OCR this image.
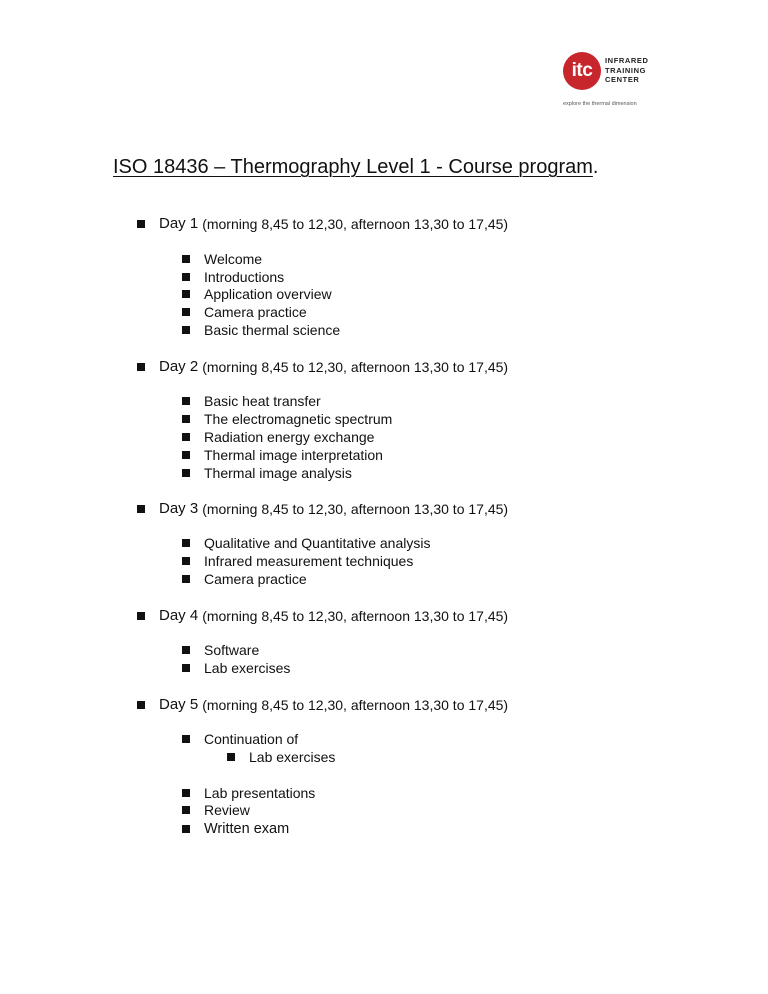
itc	INFRARED
TRAINING
CENTER
explore the thermal dimension
ISO 18436 – Thermography Level 1 - Course program.
Day 1 (morning 8,45 to 12,30, afternoon 13,30 to 17,45)
Welcome
Introductions
Application overview
Camera practice
Basic thermal science
Day 2 (morning 8,45 to 12,30, afternoon 13,30 to 17,45)
Basic heat transfer
The electromagnetic spectrum
Radiation energy exchange
Thermal image interpretation
Thermal image analysis
Day 3 (morning 8,45 to 12,30, afternoon 13,30 to 17,45)
Qualitative and Quantitative analysis
Infrared measurement techniques
Camera practice
Day 4 (morning 8,45 to 12,30, afternoon 13,30 to 17,45)
Software
Lab exercises
Day 5 (morning 8,45 to 12,30, afternoon 13,30 to 17,45)
Continuation of
Lab exercises
Lab presentations
Review
Written exam
